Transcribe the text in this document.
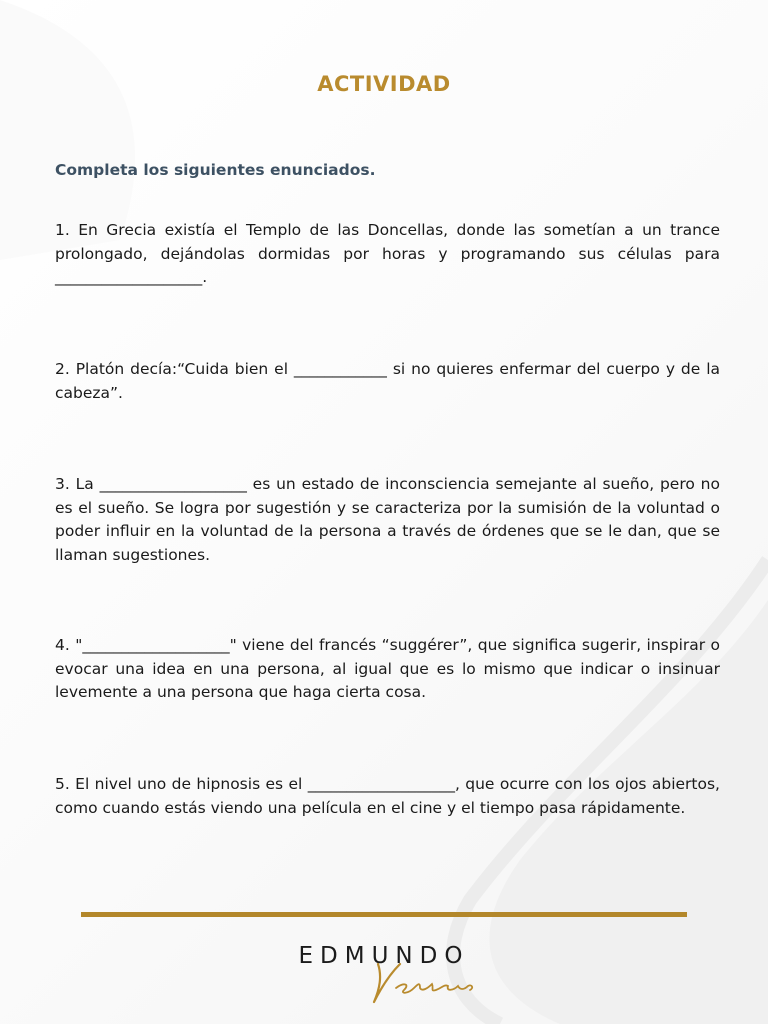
ACTIVIDAD
Completa los siguientes enunciados.
1. En Grecia existía el Templo de las Doncellas, donde las sometían a un trance prolongado, dejándolas dormidas por horas y programando sus células para ___________________.
2. Platón decía:“Cuida bien el ____________ si no quieres enfermar del cuerpo y de la cabeza”.
3. La ___________________ es un estado de inconsciencia semejante al sueño, pero no es el sueño. Se logra por sugestión y se caracteriza por la sumisión de la voluntad o poder influir en la voluntad de la persona a través de órdenes que se le dan, que se llaman sugestiones.
4. "___________________" viene del francés “suggérer”, que significa sugerir, inspirar o evocar una idea en una persona, al igual que es lo mismo que indicar o insinuar levemente a una persona que haga cierta cosa.
5. El nivel uno de hipnosis es el ___________________, que ocurre con los ojos abiertos, como cuando estás viendo una película en el cine y el tiempo pasa rápidamente.
EDMUNDO
